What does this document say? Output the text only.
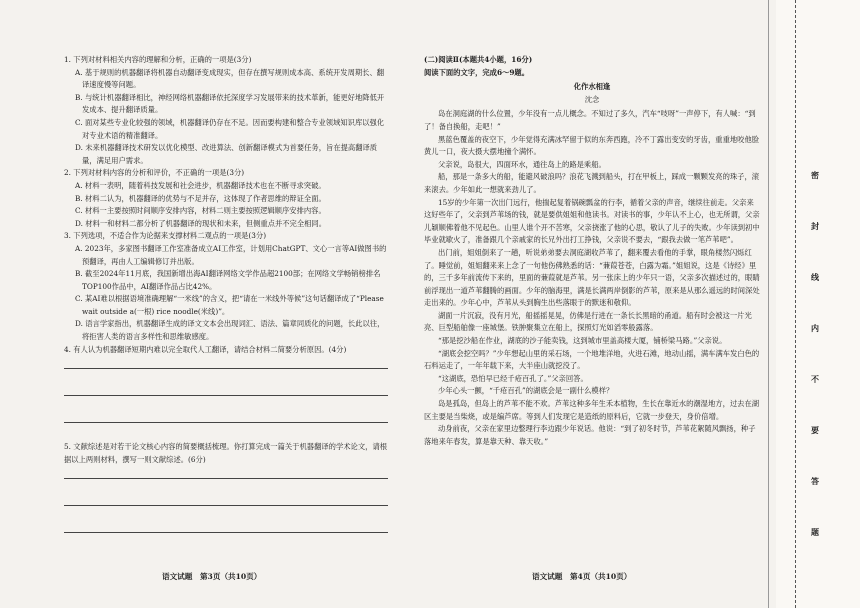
1. 下列对材料相关内容的理解和分析，正确的一项是(3分)

A. 基于规则的机器翻译将机器自动翻译变成现实，但存在撰写规则成本高、系统开发周期长、翻译速度慢等问题。

B. 与统计机器翻译相比，神经网络机器翻译依托深度学习发展带来的技术革新，能更好地降低开发成本、提升翻译质量。

C. 面对某些专业化较强的领域，机器翻译仍存在不足。因而要构建和整合专业领域知识库以强化对专业术语的精准翻译。

D. 未来机器翻译技术研发以优化模型、改进算法、创新翻译模式为首要任务，旨在提高翻译质量，满足用户需求。

2. 下列对材料内容的分析和评价，不正确的一项是(3分)

A. 材料一表明，随着科技发展和社会进步，机器翻译技术也在不断寻求突破。

B. 材料二认为，机器翻译的优势与不足并存，这体现了作者思维的辩证全面。

C. 材料一主要按照时间顺序安排内容，材料二则主要按照逻辑顺序安排内容。

D. 材料一和材料二都分析了机器翻译的现状和未来，但侧重点并不完全相同。

3. 下列选项，不适合作为论据来支撑材料二观点的一项是(3分)

A. 2023年，多家图书翻译工作室准备成立AI工作室，计划用ChatGPT、文心一言等AI做图书的预翻译，再由人工编辑修订并出版。

B. 截至2024年11月底，我国新增出海AI翻译网络文学作品超2100部；在网络文学畅销榜排名TOP100作品中，AI翻译作品占比42%。

C. 某AI难以根据语境准确理解“一米线”的含义，把“请在一米线外等候”这句话翻译成了“Please wait outside a(一根) rice noodle(米线)”。

D. 语言学家指出，机器翻译生成的译文文本会出现词汇、语法、篇章同质化的问题，长此以往，将拒害人类的语言多样性和思维敏感度。

4. 有人认为机器翻译短期内难以完全取代人工翻译，请结合材料二简要分析原因。(4分)

5. 文献综述是对若干论文核心内容的简要概括梳理。你打算完成一篇关于机器翻译的学术论文，请根据以上两则材料，撰写一则文献综述。(6分)

语文试题　第3页（共10页）

(二)阅读Ⅱ(本题共4小题，16分)

阅读下面的文字，完成6～9题。

化作水相逢

沈念

岛在洞庭湖的什么位置，少年没有一点儿概念。不知过了多久，汽车“吱呀”一声停下，有人喊：“到了！备自换船，走吧！”

黑蓝色覆盖的夜空下，少年觉得充满冰罕留于似的东奔西跑，冷不丁露出变安的牙齿，重重地咬他脸黄儿一口，夜大摄大摆地撞个满怀。

父亲说，岛很大，四面环水，通往岛上的路是乘船。

船，那是一条多大的船，能避风破浪吗？浪花飞溅到船头，打在甲板上，踩成一颗颗发亮的珠子，滚来滚去。少年如此一想就来劲儿了。

15岁的少年第一次出门远行，他揣起复着锅碗瓢盆的行李，循着父亲的声音，继续往前走。父亲来这好些年了，父亲到芦苇场的钱，就是要供姐姐和他读书。对读书的事，少年认不上心，也无所谓，父亲儿颖顺佛着他不见起色。山里人谁个开不苦寒，父亲挠涨了他的心思，敬认了儿子的失败。少年读到初中毕业就歇火了，准备跟几个亲戚家的长兄外出打工挣钱，父亲说不要去，“跟我去做一笔芦苇吧”。

出门前，姐姐倒来了一趟，听说弟弟要去洞庭湖收芦苇了，翻来覆去看他的手掌，眼角楼然闪烁红了。睡觉前，姐姐翻来来上念了一句他伤佛熟悉的话：“蒹葭苍苍，白露为霜。”姐姐说，这是《诗经》里的，三千多年前流传下来的，里面的蒹葭就是芦苇。另一张床上的少年只一语，父亲多次描述过的，眼睛前浮现出一道芦苇翻腾的画面。少年的脑海里，满是长满两岸倒影的芦苇，原来是从那么遥远的时间深处走出来的。少年心中，芦苇从头到胸生出些落眼于的默迷和敬仰。

湖面一片沉寂，没有月光，船摇摇晃晃，仿佛是行进在一条长长黑暗的甬道。船有时会被这一片光亮、巨型船舶像一座城堡。铁肿聚集立在船上，探照灯光如滔零般露落。

“那是挖沙船在作业，湖底的沙子能卖钱，这到城市里盖高楼大厦，铺桥梁马路。”父亲说。

“湖底会挖空吗？”少年想起山里的采石场，一个地堆洋地，火进石滩，地动山摇，满车满车发白色的石料运走了，一年年载下来，大半座山就挖没了。

“这湖底，恐怕早已经千疮百孔了。”父亲回答。

少年心头一颤，“千疮百孔”的湖底会是一副什么模样？

岛是孤岛，但岛上的芦苇不能不欢。芦苇这种多年生禾本植物，生长在靠近水的潮湿地方，过去在湖区主要是当柴烧，或是编芦席。等到人们发现它是造纸的原料后，它就一步登天，身价倍增。

动身前夜，父亲在家里边整理行李边跟少年说话。他说：“到了初冬时节，芦苇花絮随风飘扬，种子落地来年春发，算是靠天种、靠天收。”

语文试题　第4页（共10页）
密
封
线
内
不
要
答
题
